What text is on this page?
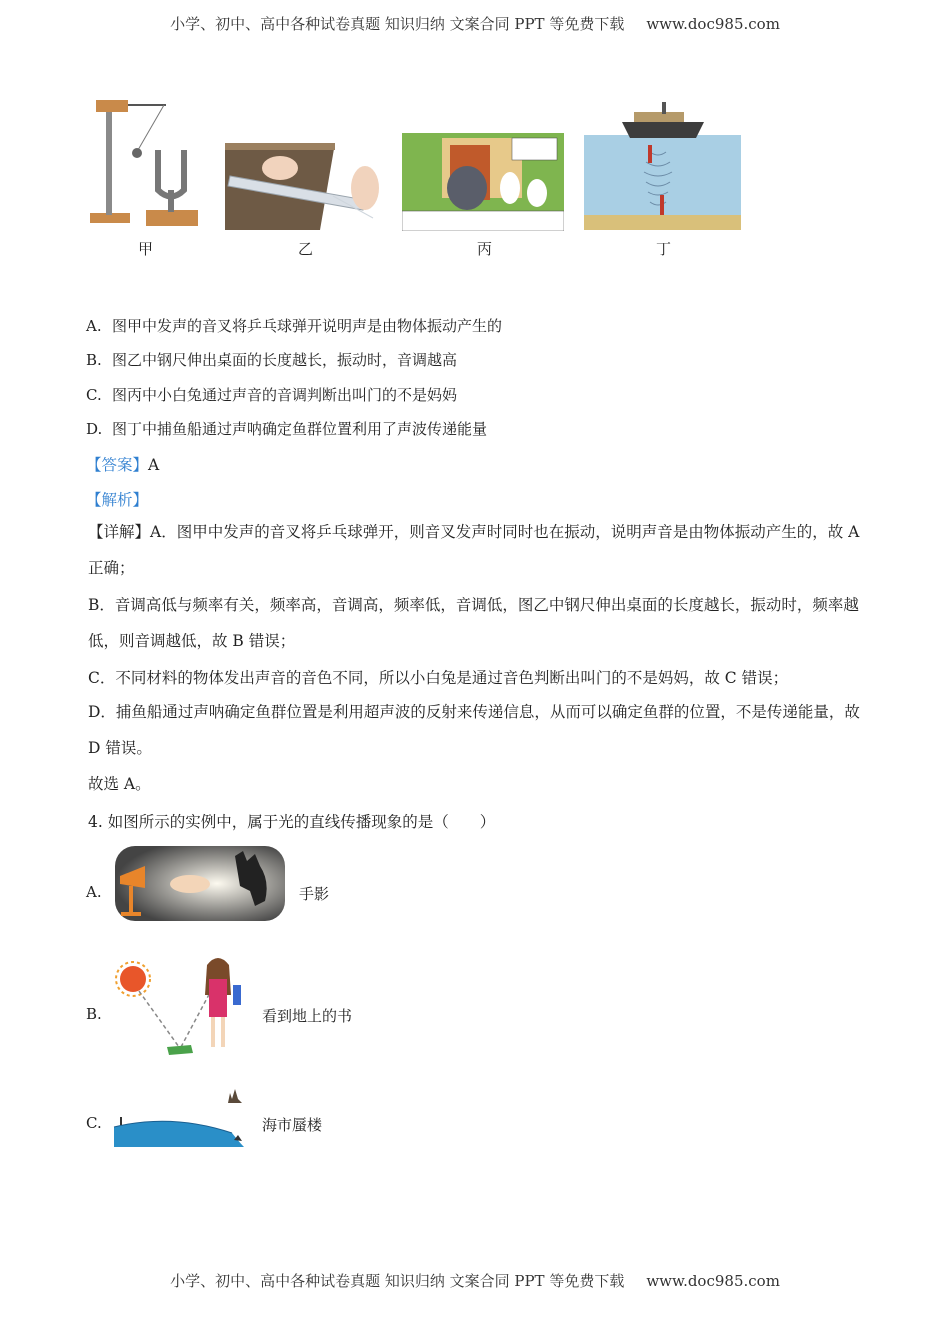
小学、初中、高中各种试卷真题 知识归纳 文案合同 PPT 等免费下载 www.doc985.com
甲	乙	丙	丁
A. 图甲中发声的音叉将乒乓球弹开说明声是由物体振动产生的
B. 图乙中钢尺伸出桌面的长度越长，振动时，音调越高
C. 图丙中小白兔通过声音的音调判断出叫门的不是妈妈
D. 图丁中捕鱼船通过声呐确定鱼群位置利用了声波传递能量
【答案】A
【解析】
【详解】A．图甲中发声的音叉将乒乓球弹开，则音叉发声时同时也在振动，说明声音是由物体振动产生的，故 A 正确；
B．音调高低与频率有关，频率高，音调高，频率低，音调低，图乙中钢尺伸出桌面的长度越长，振动时，频率越低，则音调越低，故 B 错误；
C．不同材料的物体发出声音的音色不同，所以小白兔是通过音色判断出叫门的不是妈妈，故 C 错误；
D．捕鱼船通过声呐确定鱼群位置是利用超声波的反射来传递信息，从而可以确定鱼群的位置，不是传递能量，故 D 错误。
故选 A。
4. 如图所示的实例中，属于光的直线传播现象的是（　　）
A.	手影
B.	看到地上的书
C.	海市蜃楼
小学、初中、高中各种试卷真题 知识归纳 文案合同 PPT 等免费下载 www.doc985.com
